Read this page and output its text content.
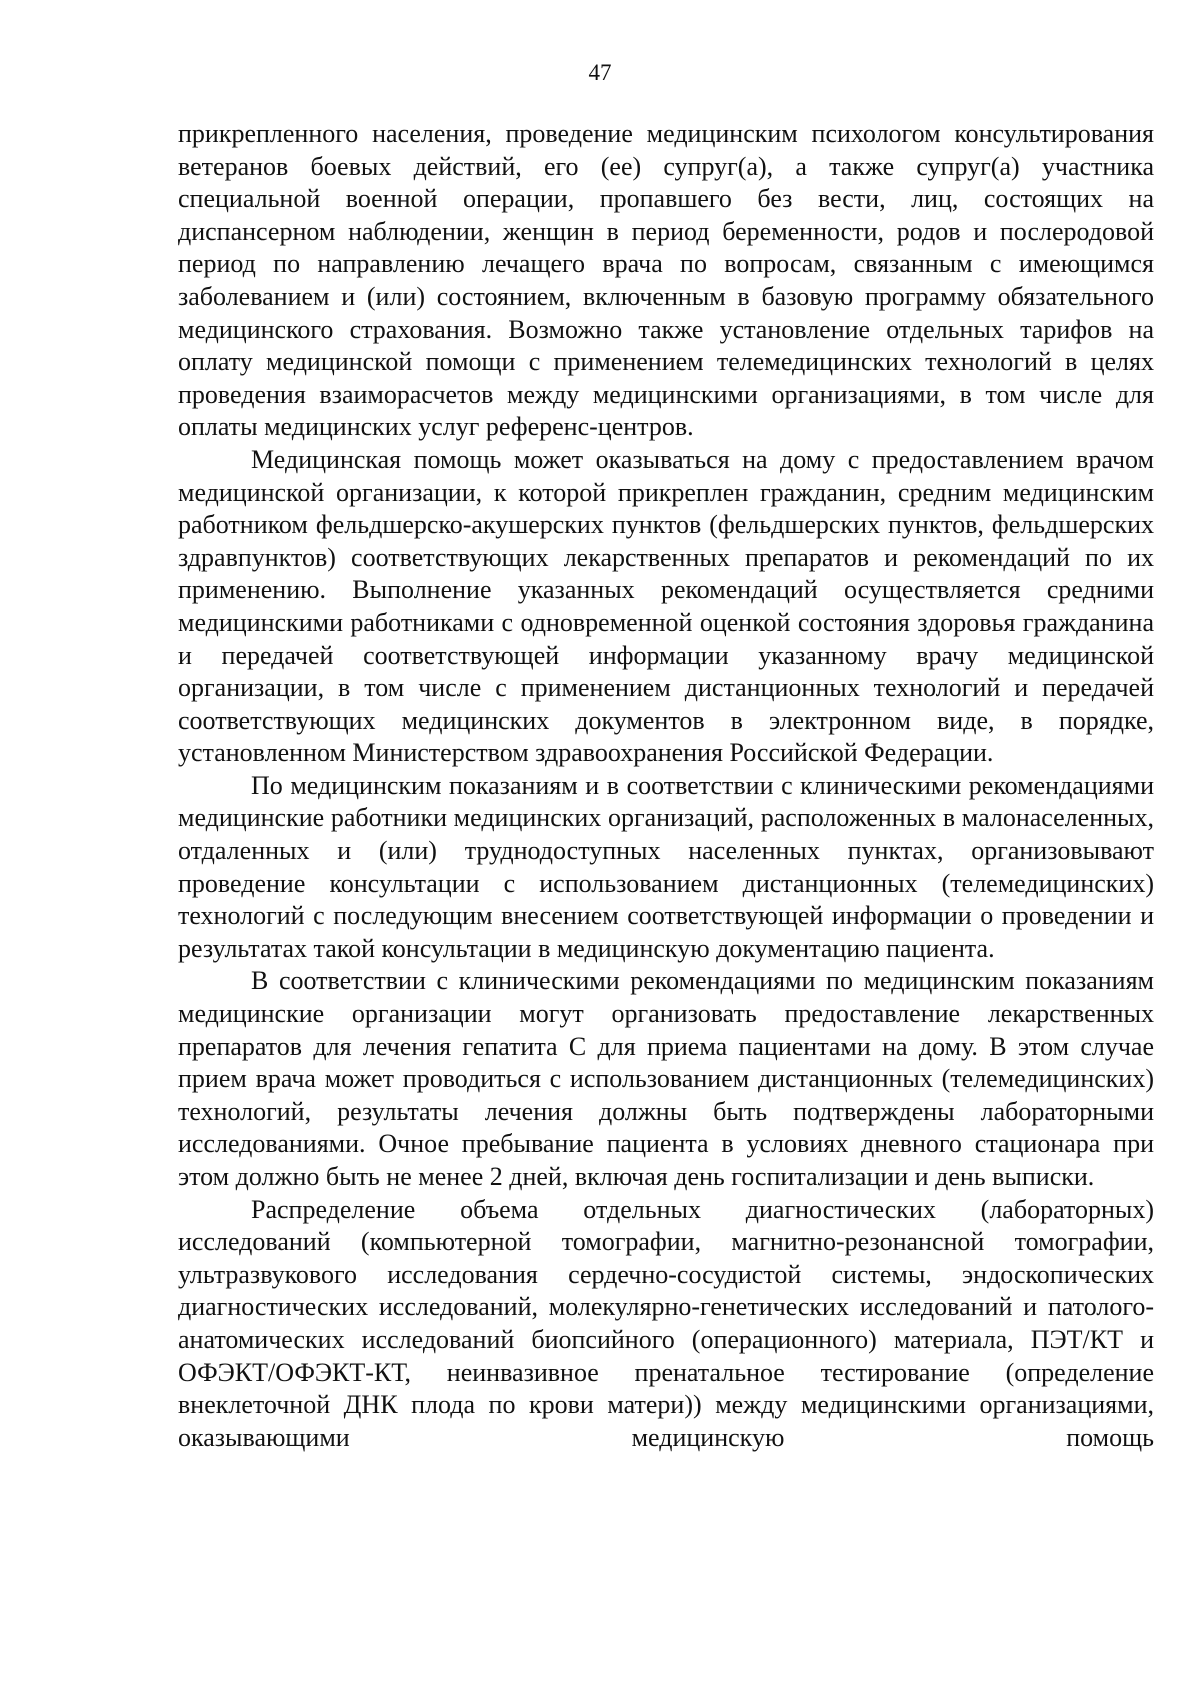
47

прикрепленного населения, проведение медицинским психологом консультирования ветеранов боевых действий, его (ее) супруг(а), а также супруг(а) участника специальной военной операции, пропавшего без вести, лиц, состоящих на диспансерном наблюдении, женщин в период беременности, родов и послеродовой период по направлению лечащего врача по вопросам, связанным с имеющимся заболеванием и (или) состоянием, включенным в базовую программу обязательного медицинского страхования. Возможно также установление отдельных тарифов на оплату медицинской помощи с применением телемедицинских технологий в целях проведения взаиморасчетов между медицинскими организациями, в том числе для оплаты медицинских услуг референс-центров.

Медицинская помощь может оказываться на дому с предоставлением врачом медицинской организации, к которой прикреплен гражданин, средним медицинским работником фельдшерско-акушерских пунктов (фельдшерских пунктов, фельдшерских здравпунктов) соответствующих лекарственных препаратов и рекомендаций по их применению. Выполнение указанных рекомендаций осуществляется средними медицинскими работниками с одновременной оценкой состояния здоровья гражданина и передачей соответствующей информации указанному врачу медицинской организации, в том числе с применением дистанционных технологий и передачей соответствующих медицинских документов в электронном виде, в порядке, установленном Министерством здравоохранения Российской Федерации.

По медицинским показаниям и в соответствии с клиническими рекомендациями медицинские работники медицинских организаций, расположенных в малонаселенных, отдаленных и (или) труднодоступных населенных пунктах, организовывают проведение консультации с использованием дистанционных (телемедицинских) технологий с последующим внесением соответствующей информации о проведении и результатах такой консультации в медицинскую документацию пациента.

В соответствии с клиническими рекомендациями по медицинским показаниям медицинские организации могут организовать предоставление лекарственных препаратов для лечения гепатита С для приема пациентами на дому. В этом случае прием врача может проводиться с использованием дистанционных (телемедицинских) технологий, результаты лечения должны быть подтверждены лабораторными исследованиями. Очное пребывание пациента в условиях дневного стационара при этом должно быть не менее 2 дней, включая день госпитализации и день выписки.

Распределение объема отдельных диагностических (лабораторных) исследований (компьютерной томографии, магнитно-резонансной томографии, ультразвукового исследования сердечно-сосудистой системы, эндоскопических диагностических исследований, молекулярно-генетических исследований и патолого-анатомических исследований биопсийного (операционного) материала, ПЭТ/КТ и ОФЭКТ/ОФЭКТ-КТ, неинвазивное пренатальное тестирование (определение внеклеточной ДНК плода по крови матери)) между медицинскими организациями, оказывающими медицинскую помощь
